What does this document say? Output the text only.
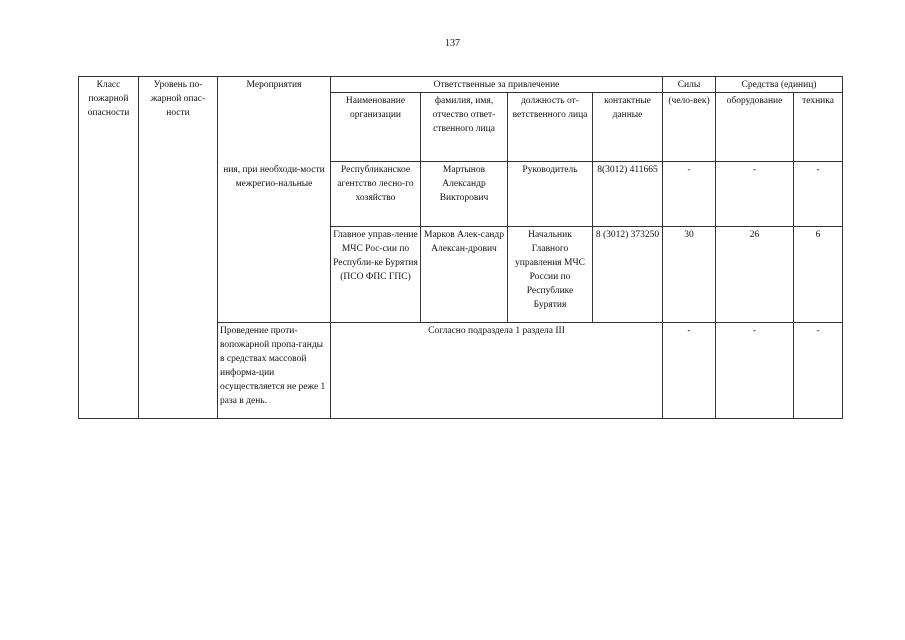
137
Класс пожарной опасности	Уровень по-жарной опас-ности	Мероприятия	Ответственные за привлечение				Силы	Средства (единиц)	
			Наименование организации	фамилия, имя, отчество ответ-ственного лица	должность от-ветственного лица	контактные данные	(чело-век)	оборудование	техника
		ния, при необходи-мости межрегио-нальные	Республиканское агентство лесно-го хозяйство	Мартынов Александр Викторович	Руководитель	8(3012) 411665	-	-	-
			Главное управ-ление МЧС Рос-сии по Республи-ке Бурятия (ПСО ФПС ГПС)	Марков Алек-сандр Алексан-дрович	Начальник Главного управления МЧС России по Республике Бурятия	8 (3012) 373250	30	26	6
		Проведение проти-вопожарной пропа-ганды в средствах массовой информа-ции осуществляется не реже 1 раза в день.	Согласно подраздела 1 раздела III				-	-	-
